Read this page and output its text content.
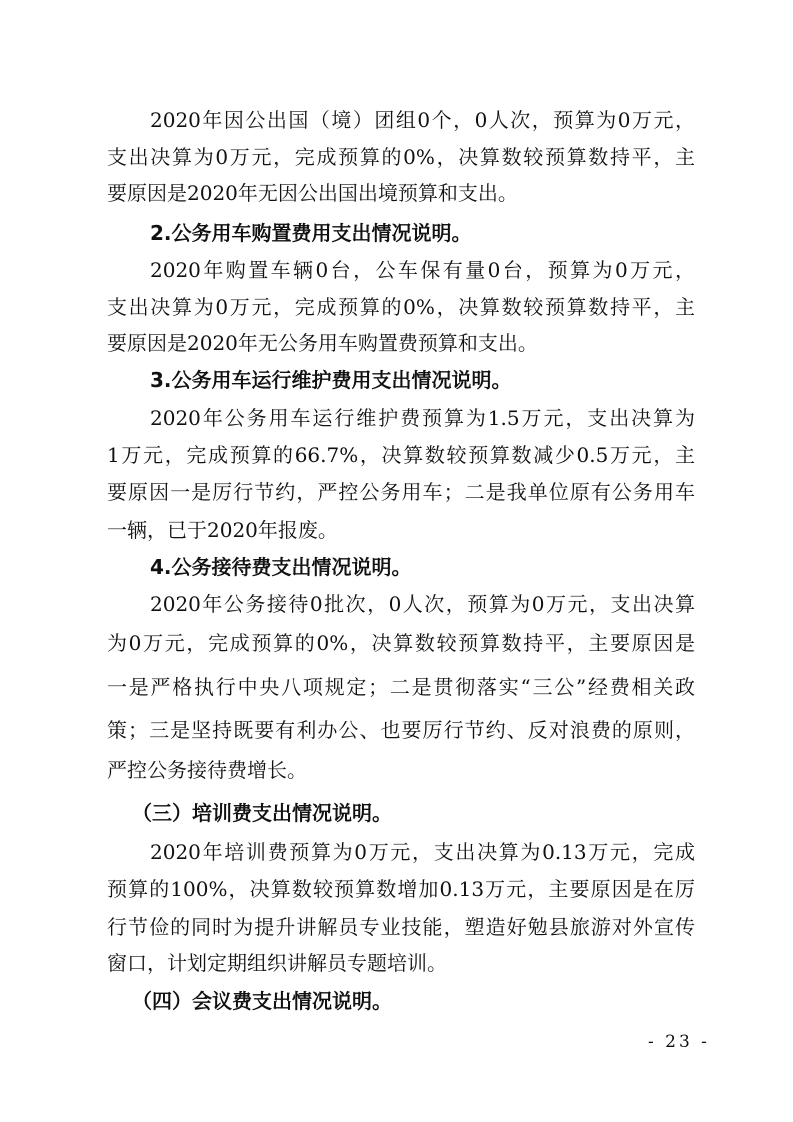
2020年因公出国（境）团组0个，0人次，预算为0万元，
支出决算为0万元，完成预算的0%，决算数较预算数持平，主
要原因是2020年无因公出国出境预算和支出。
2.公务用车购置费用支出情况说明。
2020年购置车辆0台，公车保有量0台，预算为0万元，
支出决算为0万元，完成预算的0%，决算数较预算数持平，主
要原因是2020年无公务用车购置费预算和支出。
3.公务用车运行维护费用支出情况说明。
2020年公务用车运行维护费预算为1.5万元，支出决算为
1万元，完成预算的66.7%，决算数较预算数减少0.5万元，主
要原因一是厉行节约，严控公务用车；二是我单位原有公务用车
一辆，已于2020年报废。
4.公务接待费支出情况说明。
2020年公务接待0批次，0人次，预算为0万元，支出决算
为0万元，完成预算的0%，决算数较预算数持平，主要原因是
一是严格执行中央八项规定；二是贯彻落实“三公”经费相关政
策；三是坚持既要有利办公、也要厉行节约、反对浪费的原则，
严控公务接待费增长。
（三）培训费支出情况说明。
2020年培训费预算为0万元，支出决算为0.13万元，完成
预算的100%，决算数较预算数增加0.13万元，主要原因是在厉
行节俭的同时为提升讲解员专业技能，塑造好勉县旅游对外宣传
窗口，计划定期组织讲解员专题培训。
（四）会议费支出情况说明。
- 23 -
